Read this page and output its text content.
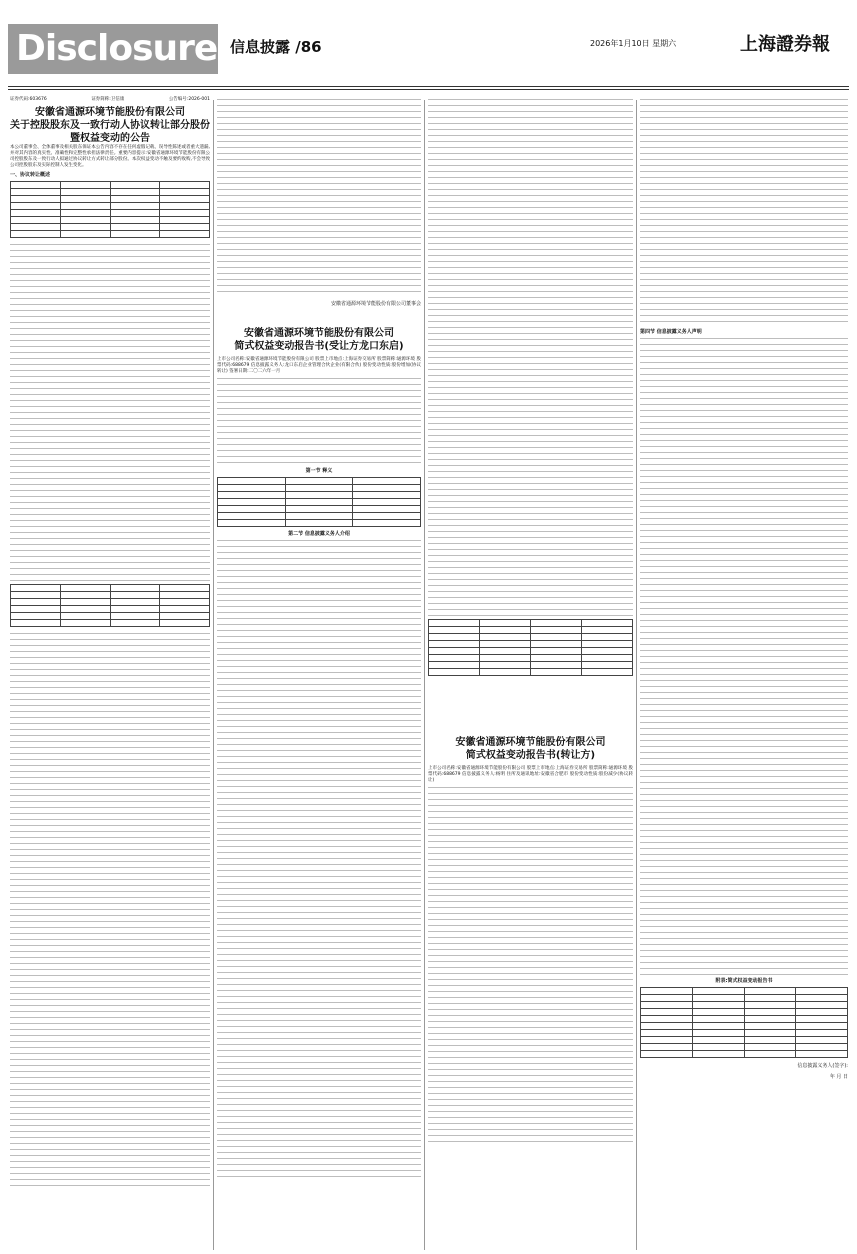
Disclosure 信息披露 /86	2026年1月10日 星期六	上海證券報
证券代码:603676	证券简称:卫信康	公告编号:2026-001
安徽省通源环境节能股份有限公司
关于控股股东及一致行动人协议转让部分股份
暨权益变动的公告
本公司董事会、全体董事及相关股东保证本公告内容不存在任何虚假记载、误导性陈述或者重大遗漏,并对其内容的真实性、准确性和完整性承担法律责任。重要内容提示:安徽省通源环境节能股份有限公司控股股东及一致行动人拟通过协议转让方式转让部分股份。本次权益变动不触及要约收购,不会导致公司控股股东及实际控制人发生变化。
一、协议转让概述

安徽省通源环境节能股份有限公司董事会
安徽省通源环境节能股份有限公司
简式权益变动报告书(受让方龙口东启)
上市公司名称:安徽省通源环境节能股份有限公司 股票上市地点:上海证券交易所 股票简称:通源环境 股票代码:688679 信息披露义务人:龙口东启企业管理合伙企业(有限合伙) 股份变动性质:股份增加(协议转让) 签署日期:二〇二六年一月
第一节 释义

第二节 信息披露义务人介绍

安徽省通源环境节能股份有限公司
简式权益变动报告书(转让方)
上市公司名称:安徽省通源环境节能股份有限公司 股票上市地点:上海证券交易所 股票简称:通源环境 股票代码:688679 信息披露义务人:杨明 住所及通讯地址:安徽省合肥市 股份变动性质:股份减少(协议转让)
第四节 信息披露义务人声明
附表:简式权益变动报告书

信息披露义务人(签字):
年 月 日
